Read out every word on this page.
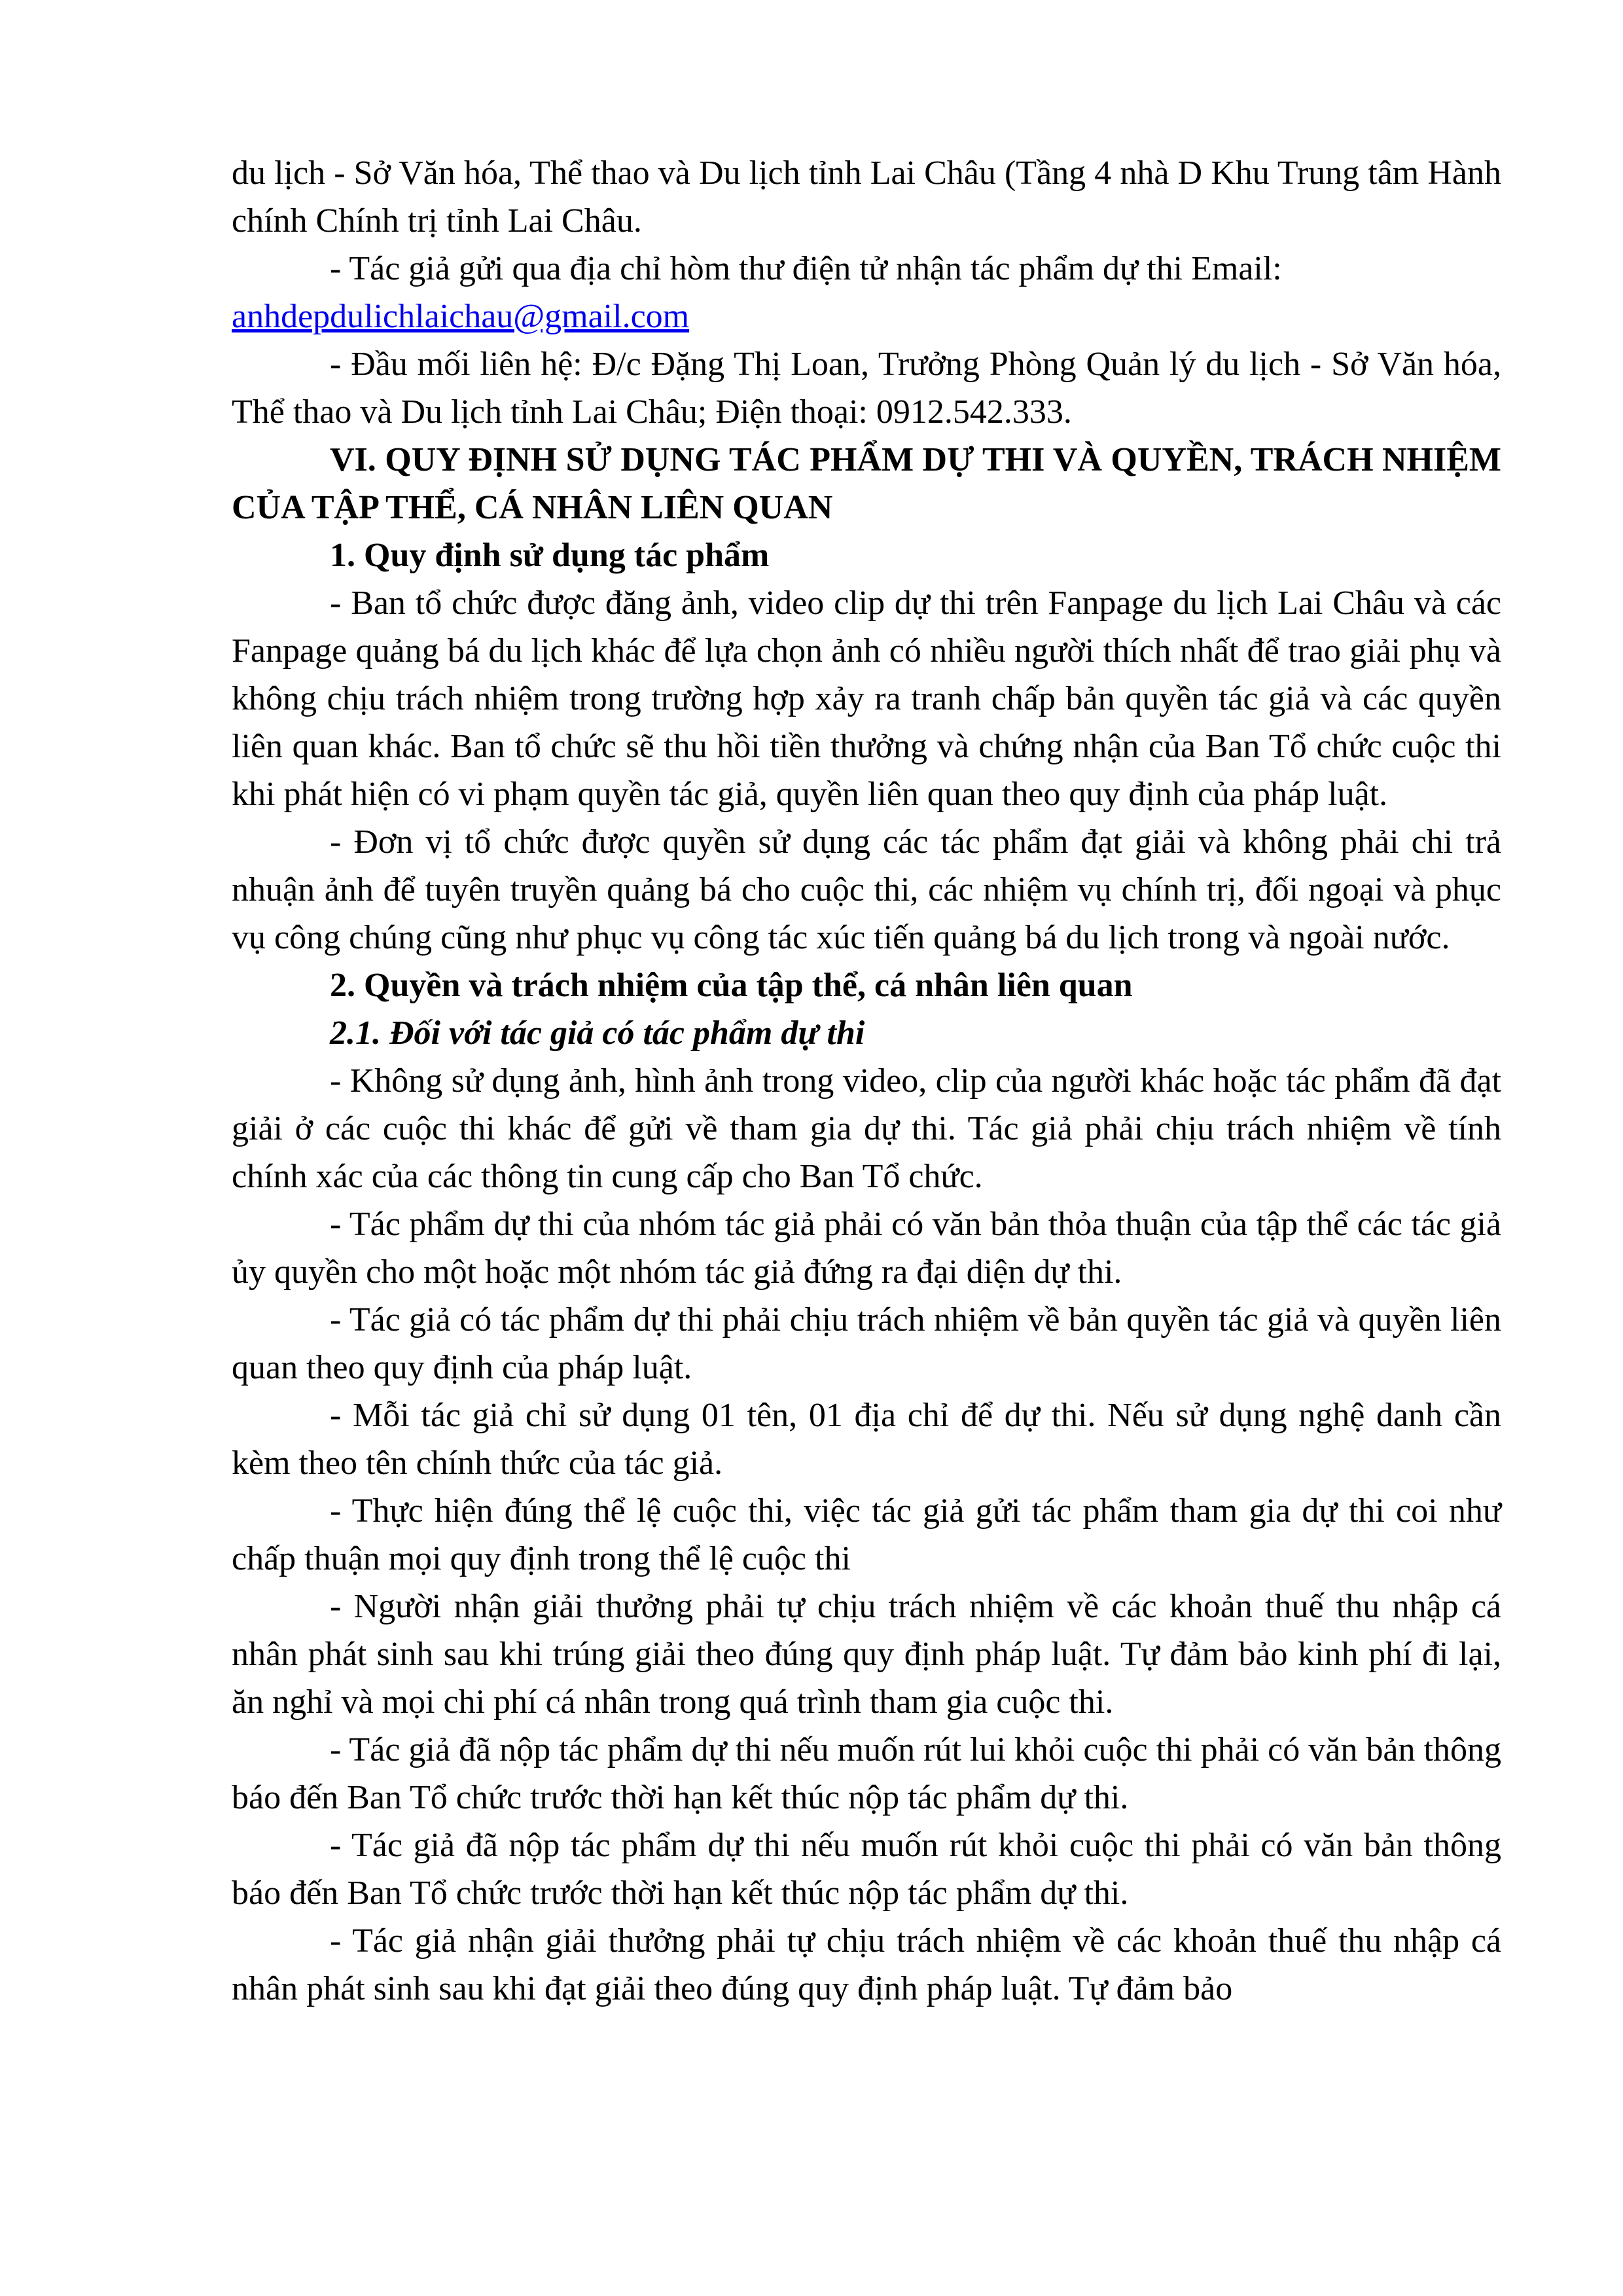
du lịch - Sở Văn hóa, Thể thao và Du lịch tỉnh Lai Châu (Tầng 4 nhà D Khu Trung tâm Hành chính Chính trị tỉnh Lai Châu.

- Tác giả gửi qua địa chỉ hòm thư điện tử nhận tác phẩm dự thi Email:
anhdepdulichlaichau@gmail.com

- Đầu mối liên hệ: Đ/c Đặng Thị Loan, Trưởng Phòng Quản lý du lịch - Sở Văn hóa, Thể thao và Du lịch tỉnh Lai Châu; Điện thoại: 0912.542.333.

VI. QUY ĐỊNH SỬ DỤNG TÁC PHẨM DỰ THI VÀ QUYỀN, TRÁCH NHIỆM CỦA TẬP THỂ, CÁ NHÂN LIÊN QUAN

1. Quy định sử dụng tác phẩm

- Ban tổ chức được đăng ảnh, video clip dự thi trên Fanpage du lịch Lai Châu và các Fanpage quảng bá du lịch khác để lựa chọn ảnh có nhiều người thích nhất để trao giải phụ và không chịu trách nhiệm trong trường hợp xảy ra tranh chấp bản quyền tác giả và các quyền liên quan khác. Ban tổ chức sẽ thu hồi tiền thưởng và chứng nhận của Ban Tổ chức cuộc thi khi phát hiện có vi phạm quyền tác giả, quyền liên quan theo quy định của pháp luật.

- Đơn vị tổ chức được quyền sử dụng các tác phẩm đạt giải và không phải chi trả nhuận ảnh để tuyên truyền quảng bá cho cuộc thi, các nhiệm vụ chính trị, đối ngoại và phục vụ công chúng cũng như phục vụ công tác xúc tiến quảng bá du lịch trong và ngoài nước.

2. Quyền và trách nhiệm của tập thể, cá nhân liên quan

2.1. Đối với tác giả có tác phẩm dự thi

- Không sử dụng ảnh, hình ảnh trong video, clip của người khác hoặc tác phẩm đã đạt giải ở các cuộc thi khác để gửi về tham gia dự thi. Tác giả phải chịu trách nhiệm về tính chính xác của các thông tin cung cấp cho Ban Tổ chức.

- Tác phẩm dự thi của nhóm tác giả phải có văn bản thỏa thuận của tập thể các tác giả ủy quyền cho một hoặc một nhóm tác giả đứng ra đại diện dự thi.

- Tác giả có tác phẩm dự thi phải chịu trách nhiệm về bản quyền tác giả và quyền liên quan theo quy định của pháp luật.

- Mỗi tác giả chỉ sử dụng 01 tên, 01 địa chỉ để dự thi. Nếu sử dụng nghệ danh cần kèm theo tên chính thức của tác giả.

- Thực hiện đúng thể lệ cuộc thi, việc tác giả gửi tác phẩm tham gia dự thi coi như chấp thuận mọi quy định trong thể lệ cuộc thi

- Người nhận giải thưởng phải tự chịu trách nhiệm về các khoản thuế thu nhập cá nhân phát sinh sau khi trúng giải theo đúng quy định pháp luật. Tự đảm bảo kinh phí đi lại, ăn nghỉ và mọi chi phí cá nhân trong quá trình tham gia cuộc thi.

- Tác giả đã nộp tác phẩm dự thi nếu muốn rút lui khỏi cuộc thi phải có văn bản thông báo đến Ban Tổ chức trước thời hạn kết thúc nộp tác phẩm dự thi.

- Tác giả đã nộp tác phẩm dự thi nếu muốn rút khỏi cuộc thi phải có văn bản thông báo đến Ban Tổ chức trước thời hạn kết thúc nộp tác phẩm dự thi.

- Tác giả nhận giải thưởng phải tự chịu trách nhiệm về các khoản thuế thu nhập cá nhân phát sinh sau khi đạt giải theo đúng quy định pháp luật. Tự đảm bảo
